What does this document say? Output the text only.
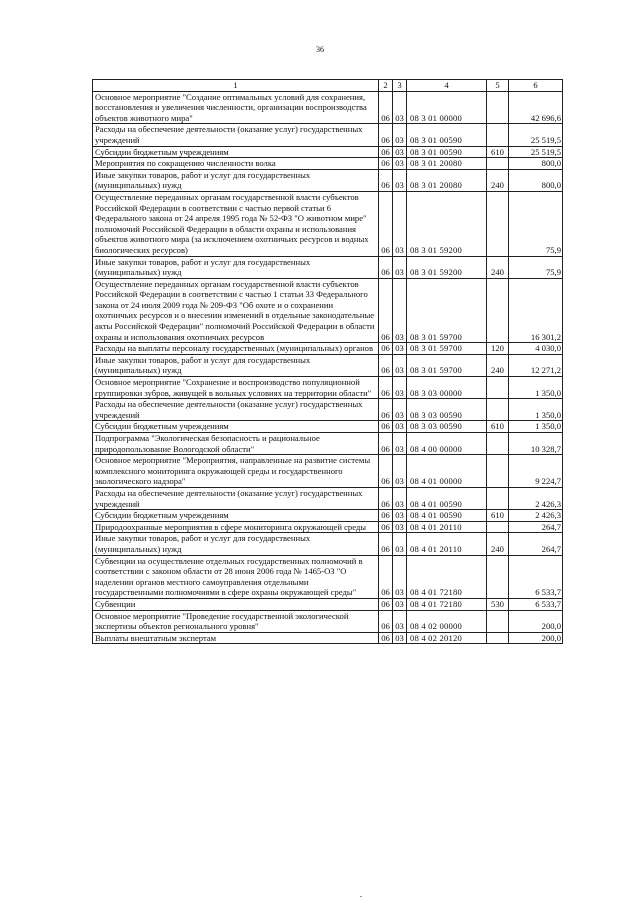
36
1	2	3	4	5	6
Основное мероприятие "Создание оптимальных условий для сохранения, восстановления и увеличения численности, организации воспроизводства объектов животного мира"	06	03	08 3 01 00000		42 696,6
Расходы на обеспечение деятельности (оказание услуг) государственных учреждений	06	03	08 3 01 00590		25 519,5
Субсидии бюджетным учреждениям	06	03	08 3 01 00590	610	25 519,5
Мероприятия по сокращению численности волка	06	03	08 3 01 20080		800,0
Иные закупки товаров, работ и услуг для государственных (муниципальных) нужд	06	03	08 3 01 20080	240	800,0
Осуществление переданных органам государственной власти субъектов Российской Федерации в соответствии с частью первой статьи 6 Федерального закона от 24 апреля 1995 года № 52-ФЗ "О животном мире" полномочий Российской Федерации в области охраны и использования объектов животного мира (за исключением охотничьих ресурсов и водных биологических ресурсов)	06	03	08 3 01 59200		75,9
Иные закупки товаров, работ и услуг для государственных (муниципальных) нужд	06	03	08 3 01 59200	240	75,9
Осуществление переданных органам государственной власти субъектов Российской Федерации в соответствии с частью 1 статьи 33 Федерального закона от 24 июля 2009 года № 209-ФЗ "Об охоте и о сохранении охотничьих ресурсов и о внесении изменений в отдельные законодательные акты Российской Федерации" полномочий Российской Федерации в области охраны и использования охотничьих ресурсов	06	03	08 3 01 59700		16 301,2
Расходы на выплаты персоналу государственных (муниципальных) органов	06	03	08 3 01 59700	120	4 030,0
Иные закупки товаров, работ и услуг для государственных (муниципальных) нужд	06	03	08 3 01 59700	240	12 271,2
Основное мероприятие "Сохранение и воспроизводство популяционной группировки зубров, живущей в вольных условиях на территории области"	06	03	08 3 03 00000		1 350,0
Расходы на обеспечение деятельности (оказание услуг) государственных учреждений	06	03	08 3 03 00590		1 350,0
Субсидии бюджетным учреждениям	06	03	08 3 03 00590	610	1 350,0
Подпрограмма "Экологическая безопасность и рациональное природопользование Вологодской области"	06	03	08 4 00 00000		10 328,7
Основное мероприятие "Мероприятия, направленные на развитие системы комплексного мониторинга окружающей среды и государственного экологического надзора"	06	03	08 4 01 00000		9 224,7
Расходы на обеспечение деятельности (оказание услуг) государственных учреждений	06	03	08 4 01 00590		2 426,3
Субсидии бюджетным учреждениям	06	03	08 4 01 00590	610	2 426,3
Природоохранные мероприятия в сфере мониторинга окружающей среды	06	03	08 4 01 20110		264,7
Иные закупки товаров, работ и услуг для государственных (муниципальных) нужд	06	03	08 4 01 20110	240	264,7
Субвенции на осуществление отдельных государственных полномочий в соответствии с законом области от 28 июня 2006 года № 1465-ОЗ "О наделении органов местного самоуправления отдельными государственными полномочиями в сфере охраны окружающей среды"	06	03	08 4 01 72180		6 533,7
Субвенции	06	03	08 4 01 72180	530	6 533,7
Основное мероприятие "Проведение государственной экологической экспертизы объектов регионального уровня"	06	03	08 4 02 00000		200,0
Выплаты внештатным экспертам	06	03	08 4 02 20120		200,0
